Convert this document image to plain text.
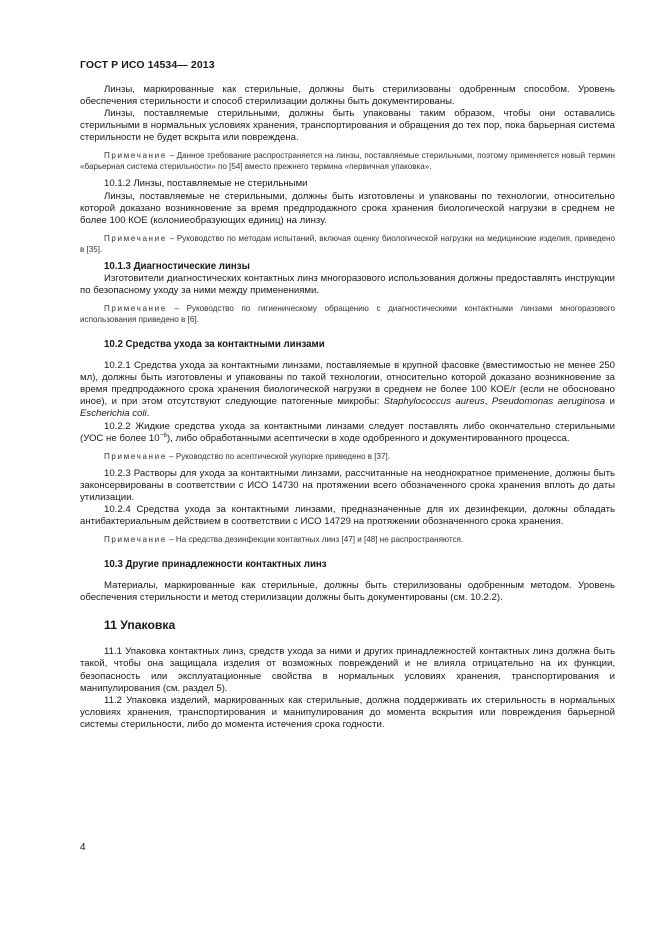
ГОСТ Р ИСО 14534— 2013

Линзы, маркированные как стерильные, должны быть стерилизованы одобренным способом. Уровень обеспечения стерильности и способ стерилизации должны быть документированы.

Линзы, поставляемые стерильными, должны быть упакованы таким образом, чтобы они оставались стерильными в нормальных условиях хранения, транспортирования и обращения до тех пор, пока барьерная система стерильности не будет вскрыта или повреждена.

Примечание – Данное требование распространяется на линзы, поставляемые стерильными, поэтому применяется новый термин «барьерная система стерильности» по [54] вместо прежнего термина «первичная упаковка».

10.1.2 Линзы, поставляемые не стерильными

Линзы, поставляемые не стерильными, должны быть изготовлены и упакованы по технологии, относительно которой доказано возникновение за время предпродажного срока хранения биологической нагрузки в среднем не более 100 КОЕ (колониеобразующих единиц) на линзу.

Примечание – Руководство по методам испытаний, включая оценку биологической нагрузки на медицинские изделия, приведено в [35].

10.1.3 Диагностические линзы

Изготовители диагностических контактных линз многоразового использования должны предоставлять инструкции по безопасному уходу за ними между применениями.

Примечание – Руководство по гигиеническому обращению с диагностическими контактными линзами многоразового использования приведено в [6].

10.2 Средства ухода за контактными линзами

10.2.1 Средства ухода за контактными линзами, поставляемые в крупной фасовке (вместимостью не менее 250 мл), должны быть изготовлены и упакованы по такой технологии, относительно которой доказано возникновение за время предпродажного срока хранения биологической нагрузки в среднем не более 100 КОЕ/г (если не обосновано иное), и при этом отсутствуют следующие патогенные микробы: Staphylococcus aureus, Pseudomonas aeruginosa и Escherichia coli.

10.2.2 Жидкие средства ухода за контактными линзами следует поставлять либо окончательно стерильными (УОС не более $10^{-6}$), либо обработанными асептически в ходе одобренного и документированного процесса.

Примечание – Руководство по асептической укупорке приведено в [37].

10.2.3 Растворы для ухода за контактными линзами, рассчитанные на неоднократное применение, должны быть законсервированы в соответствии с ИСО 14730 на протяжении всего обозначенного срока хранения вплоть до даты утилизации.

10.2.4 Средства ухода за контактными линзами, предназначенные для их дезинфекции, должны обладать антибактериальным действием в соответствии с ИСО 14729 на протяжении обозначенного срока хранения.

Примечание – На средства дезинфекции контактных линз [47] и [48] не распространяются.

10.3 Другие принадлежности контактных линз

Материалы, маркированные как стерильные, должны быть стерилизованы одобренным методом. Уровень обеспечения стерильности и метод стерилизации должны быть документированы (см. 10.2.2).

11 Упаковка

11.1 Упаковка контактных линз, средств ухода за ними и других принадлежностей контактных линз должна быть такой, чтобы она защищала изделия от возможных повреждений и не влияла отрицательно на их функции, безопасность или эксплуатационные свойства в нормальных условиях хранения, транспортирования и манипулирования (см. раздел 5).

11.2 Упаковка изделий, маркированных как стерильные, должна поддерживать их стерильность в нормальных условиях хранения, транспортирования и манипулирования до момента вскрытия или повреждения барьерной системы стерильности, либо до момента истечения срока годности.

4
